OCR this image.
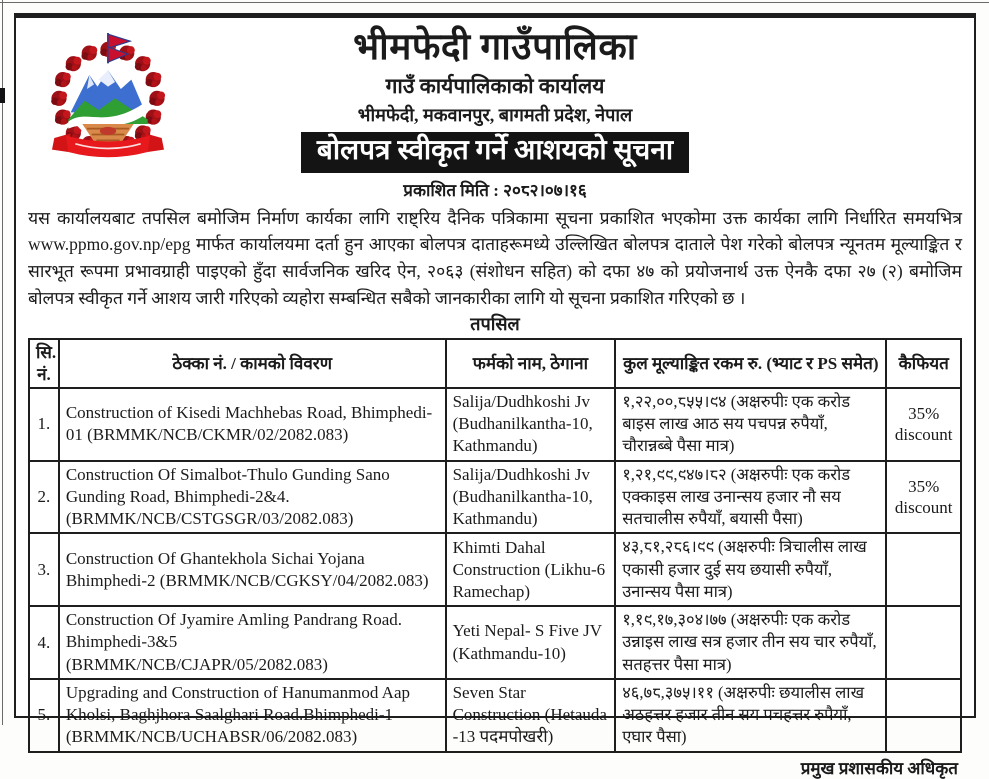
भीमफेदी गाउँपालिका
गाउँ कार्यपालिकाको कार्यालय
भीमफेदी, मकवानपुर, बागमती प्रदेश, नेपाल
बोलपत्र स्वीकृत गर्ने आशयको सूचना
प्रकाशित मिति : २०८२।०७।१६
यस कार्यालयबाट तपसिल बमोजिम निर्माण कार्यका लागि राष्ट्रिय दैनिक पत्रिकामा सूचना प्रकाशित भएकोमा उक्त कार्यका लागि निर्धारित समयभित्र www.ppmo.gov.np/epg मार्फत कार्यालयमा दर्ता हुन आएका बोलपत्र दाताहरूमध्ये उल्लिखित बोलपत्र दाताले पेश गरेको बोलपत्र न्यूनतम मूल्याङ्कित र सारभूत रूपमा प्रभावग्राही पाइएको हुँदा सार्वजनिक खरिद ऐन, २०६३ (संशोधन सहित) को दफा ४७ को प्रयोजनार्थ उक्त ऐनकै दफा २७ (२) बमोजिम बोलपत्र स्वीकृत गर्ने आशय जारी गरिएको व्यहोरा सम्बन्धित सबैको जानकारीका लागि यो सूचना प्रकाशित गरिएको छ ।
तपसिल
सि. नं.	ठेक्का नं. / कामको विवरण	फर्मको नाम, ठेगाना	कुल मूल्याङ्कित रकम रु. (भ्याट र PS समेत)	कैफियत
1.	Construction of Kisedi Machhebas Road, Bhimphedi-01 (BRMMK/NCB/CKMR/02/2082.083)	Salija/Dudhkoshi Jv (Budhanilkantha-10, Kathmandu)	१,२२,००,८५५।९४ (अक्षरुपीः एक करोड बाइस लाख आठ सय पचपन्न रुपैयाँ, चौरान्नब्बे पैसा मात्र)	35% discount
2.	Construction Of Simalbot-Thulo Gunding Sano Gunding Road, Bhimphedi-2&4. (BRMMK/NCB/CSTGSGR/03/2082.083)	Salija/Dudhkoshi Jv (Budhanilkantha-10, Kathmandu)	१,२१,९९,९४७।८२ (अक्षरुपीः एक करोड एक्काइस लाख उनान्सय हजार नौ सय सतचालीस रुपैयाँ, बयासी पैसा)	35% discount
3.	Construction Of Ghantekhola Sichai Yojana Bhimphedi-2 (BRMMK/NCB/CGKSY/04/2082.083)	Khimti Dahal Construction (Likhu-6 Ramechap)	४३,८१,२८६।९९ (अक्षरुपीः त्रिचालीस लाख एकासी हजार दुई सय छयासी रुपैयाँ, उनान्सय पैसा मात्र)	
4.	Construction Of Jyamire Amling Pandrang Road. Bhimphedi-3&5 (BRMMK/NCB/CJAPR/05/2082.083)	Yeti Nepal- S Five JV (Kathmandu-10)	१,१९,१७,३०४।७७ (अक्षरुपीः एक करोड उन्नाइस लाख सत्र हजार तीन सय चार रुपैयाँ, सतहत्तर पैसा मात्र)	
5.	Upgrading and Construction of Hanumanmod Aap Kholsi, Baghjhora Saalghari Road.Bhimphedi-1 (BRMMK/NCB/UCHABSR/06/2082.083)	Seven Star Construction (Hetauda -13 पदमपोखरी)	४६,७८,३७५।११ (अक्षरुपीः छयालीस लाख अठहत्तर हजार तीन सय पचहत्तर रुपैयाँ, एघार पैसा)	
प्रमुख प्रशासकीय अधिकृत
